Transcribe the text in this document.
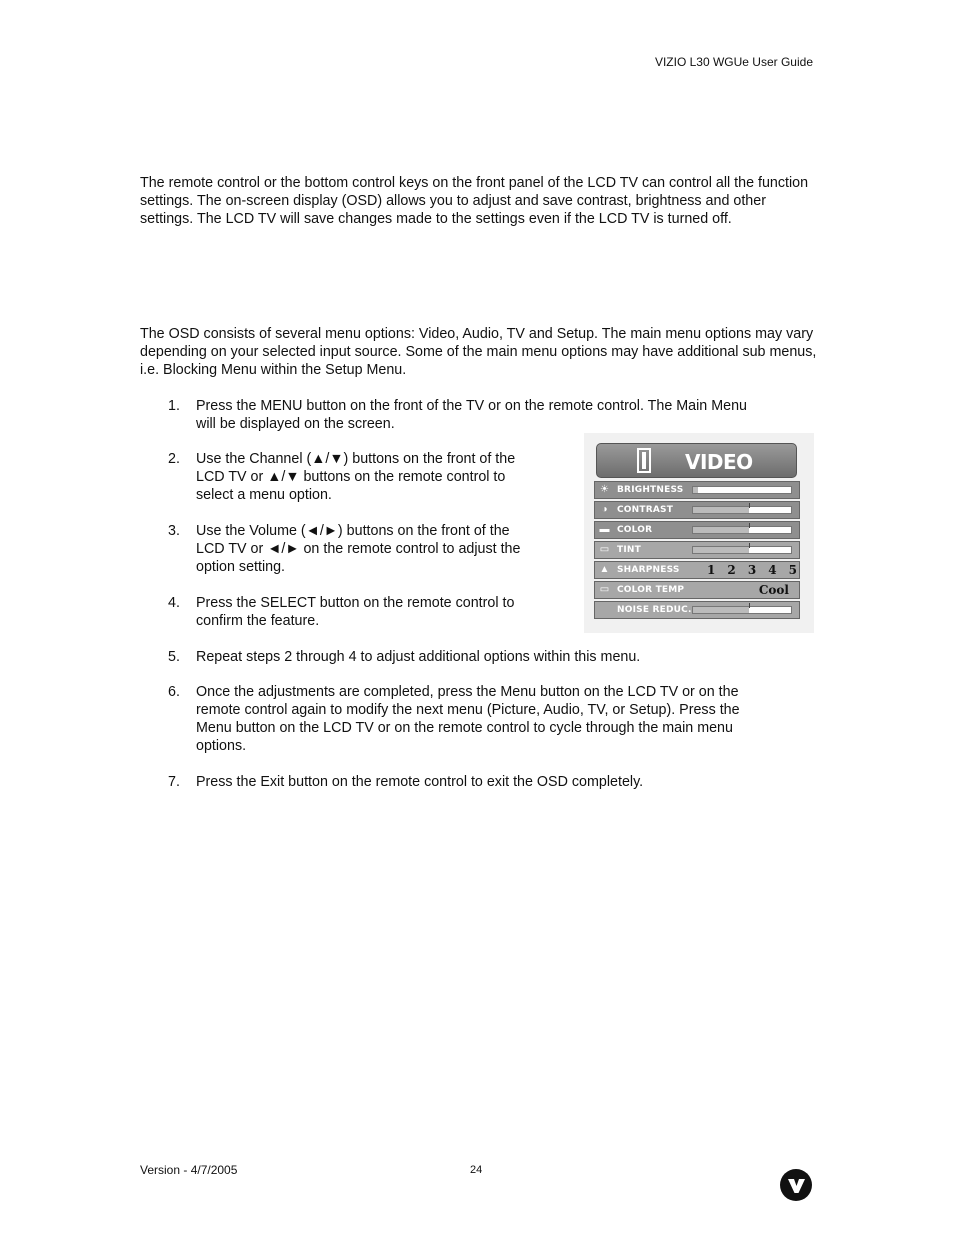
VIZIO L30 WGUe User Guide

The remote control or the bottom control keys on the front panel of the LCD TV can control all the function settings. The on-screen display (OSD) allows you to adjust and save contrast, brightness and other settings. The LCD TV will save changes made to the settings even if the LCD TV is turned off.

The OSD consists of several menu options: Video, Audio, TV and Setup. The main menu options may vary depending on your selected input source. Some of the main menu options may have additional sub menus, i.e. Blocking Menu within the Setup Menu.

1. Press the MENU button on the front of the TV or on the remote control. The Main Menu
will be displayed on the screen.
2. Use the Channel (▲/▼) buttons on the front of the
LCD TV or ▲/▼ buttons on the remote control to
select a menu option.
3. Use the Volume (◄/►) buttons on the front of the
LCD TV or ◄/► on the remote control to adjust the
option setting.
4. Press the SELECT button on the remote control to
confirm the feature.
5. Repeat steps 2 through 4 to adjust additional options within this menu.
6. Once the adjustments are completed, press the Menu button on the LCD TV or on the
remote control again to modify the next menu (Picture, Audio, TV, or Setup). Press the
Menu button on the LCD TV or on the remote control to cycle through the main menu
options.
7. Press the Exit button on the remote control to exit the OSD completely.
VIDEO
☀ BRIGHTNESS
◑ CONTRAST
▬ COLOR
▭ TINT
▲ SHARPNESS 1 2 3 4 5
▭ COLOR TEMP	Cool
NOISE REDUC.
Version - 4/7/2005	24
